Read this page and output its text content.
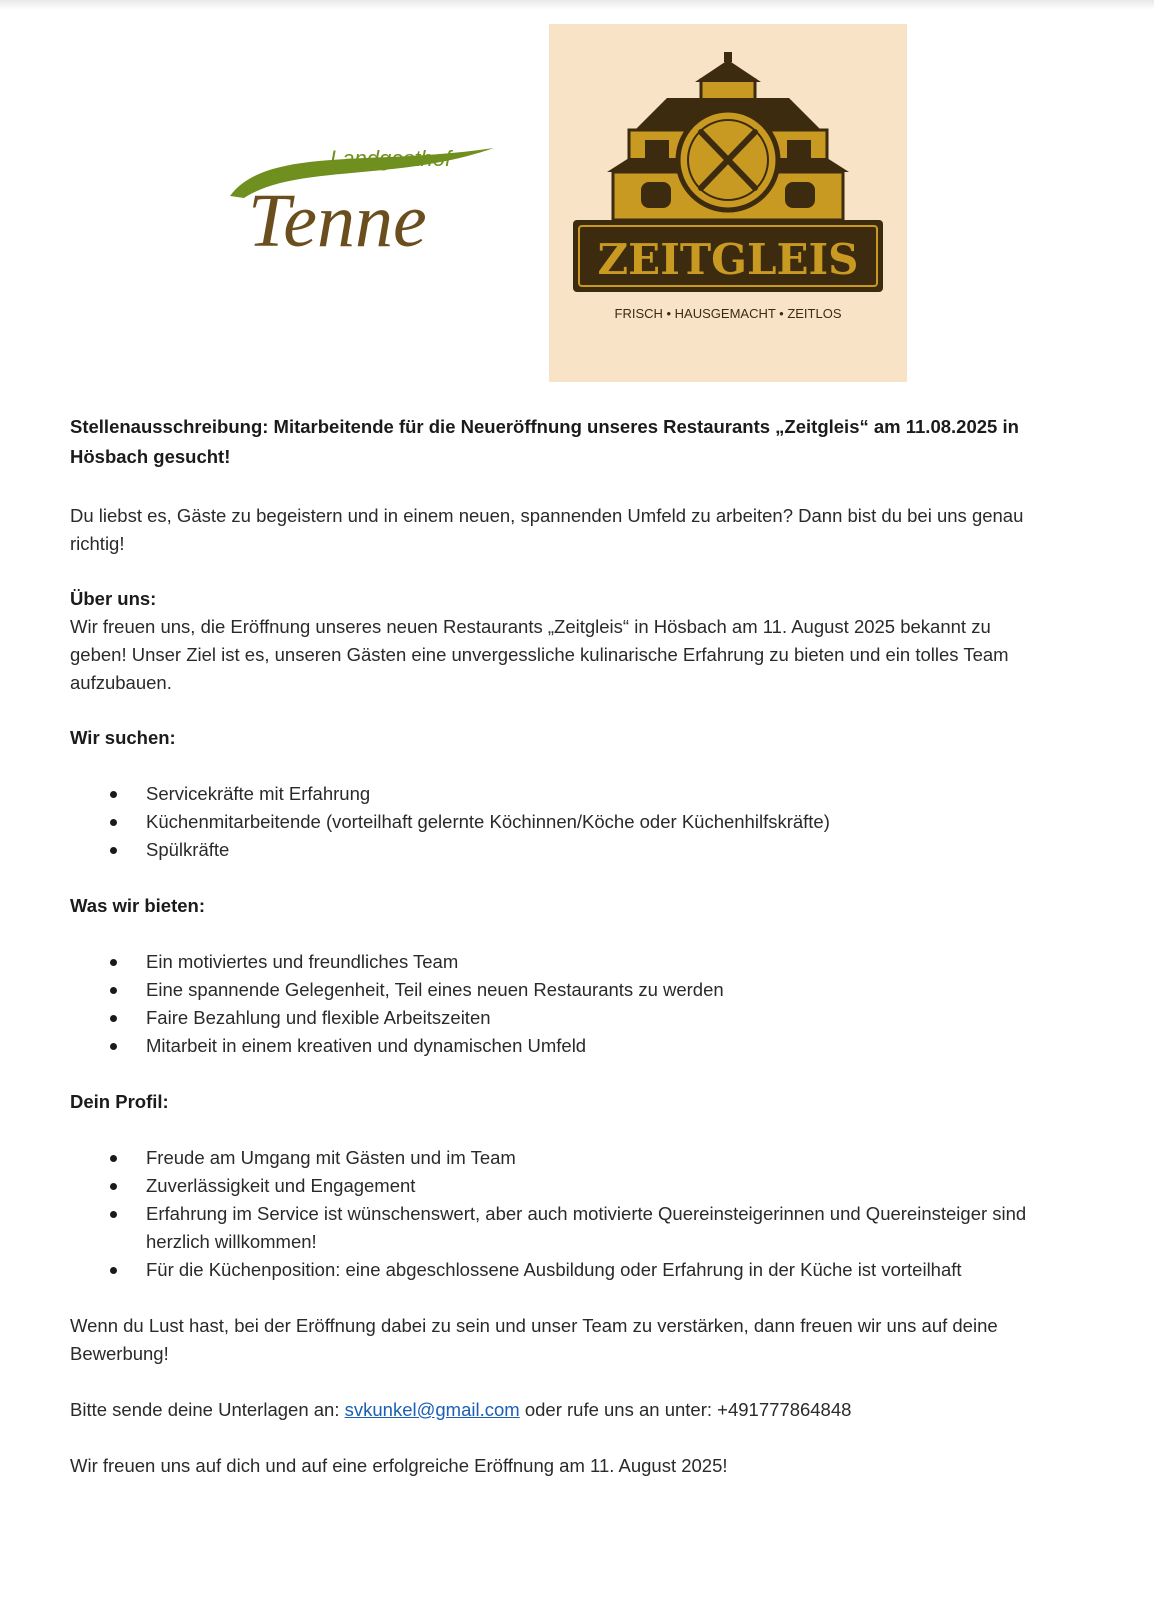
Landgasthof
Tenne	ZEITGLEIS
FRISCH • HAUSGEMACHT • ZEITLOS

Stellenausschreibung: Mitarbeitende für die Neueröffnung unseres Restaurants „Zeitgleis“ am 11.08.2025 in Hösbach gesucht!

Du liebst es, Gäste zu begeistern und in einem neuen, spannenden Umfeld zu arbeiten? Dann bist du bei uns genau richtig!

Über uns:

Wir freuen uns, die Eröffnung unseres neuen Restaurants „Zeitgleis“ in Hösbach am 11. August 2025 bekannt zu geben! Unser Ziel ist es, unseren Gästen eine unvergessliche kulinarische Erfahrung zu bieten und ein tolles Team aufzubauen.

Wir suchen:

Servicekräfte mit Erfahrung
Küchenmitarbeitende (vorteilhaft gelernte Köchinnen/Köche oder Küchenhilfskräfte)
Spülkräfte

Was wir bieten:

Ein motiviertes und freundliches Team
Eine spannende Gelegenheit, Teil eines neuen Restaurants zu werden
Faire Bezahlung und flexible Arbeitszeiten
Mitarbeit in einem kreativen und dynamischen Umfeld

Dein Profil:

Freude am Umgang mit Gästen und im Team
Zuverlässigkeit und Engagement
Erfahrung im Service ist wünschenswert, aber auch motivierte Quereinsteigerinnen und Quereinsteiger sind herzlich willkommen!
Für die Küchenposition: eine abgeschlossene Ausbildung oder Erfahrung in der Küche ist vorteilhaft

Wenn du Lust hast, bei der Eröffnung dabei zu sein und unser Team zu verstärken, dann freuen wir uns auf deine Bewerbung!

Bitte sende deine Unterlagen an: svkunkel@gmail.com oder rufe uns an unter: +491777864848

Wir freuen uns auf dich und auf eine erfolgreiche Eröffnung am 11. August 2025!
